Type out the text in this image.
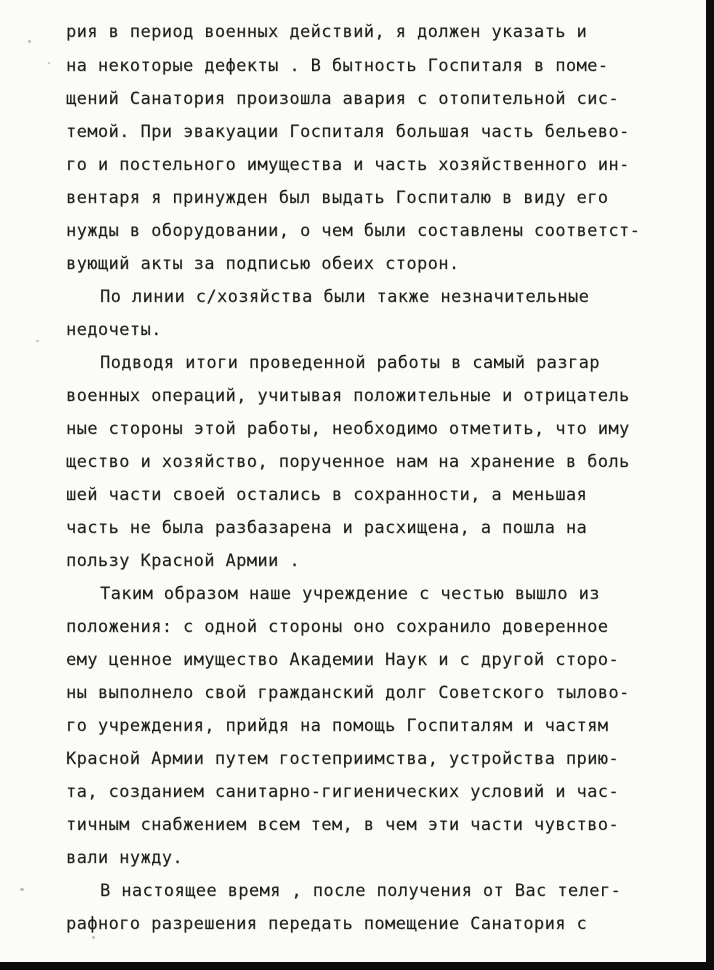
рия в период военных действий, я должен указать и
на некоторые дефекты . В бытность Госпиталя в поме-
щений Санатория произошла авария с отопительной сис-
темой. При эвакуации Госпиталя большая часть бельево-
го и постельного имущества и часть хозяйственного ин-
вентаря я принужден был выдать Госпиталю в виду его
нужды в оборудовании, о чем были составлены соответст-
вующий акты за подписью обеих сторон.
По линии с/хозяйства были также незначительные
недочеты.
Подводя итоги проведенной работы в самый разгар
военных операций, учитывая положительные и отрицатель
ные стороны этой работы, необходимо отметить, что иму
щество и хозяйство, порученное нам на хранение в боль
шей части своей остались в сохранности, а меньшая
часть не была разбазарена и расхищена, а пошла на
пользу Красной Армии .
Таким образом наше учреждение с честью вышло из
положения: с одной стороны оно сохранило доверенное
ему ценное имущество Академии Наук и с другой сторо-
ны выполнело свой гражданский долг Советского тылово-
го учреждения, прийдя на помощь Госпиталям и частям
Красной Армии путем гостеприимства, устройства прию-
та, созданием санитарно-гигиенических условий и час-
тичным снабжением всем тем, в чем эти части чувство-
вали нужду.
В настоящее время , после получения от Вас телег-
рафного разрешения передать помещение Санатория с
